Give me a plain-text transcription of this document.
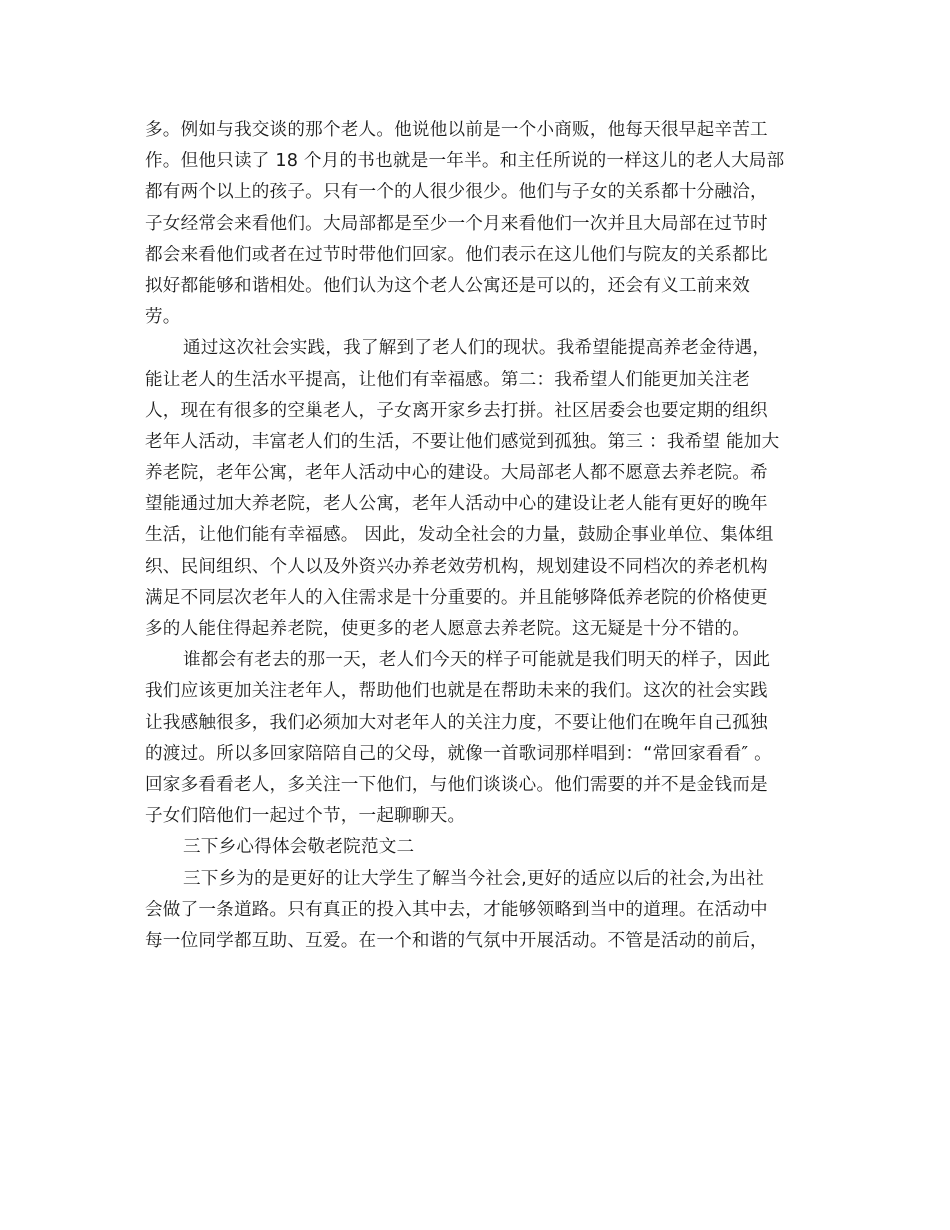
多。例如与我交谈的那个老人。他说他以前是一个小商贩，他每天很早起辛苦工
作。但他只读了 18 个月的书也就是一年半。和主任所说的一样这儿的老人大局部
都有两个以上的孩子。只有一个的人很少很少。他们与子女的关系都十分融洽，
子女经常会来看他们。大局部都是至少一个月来看他们一次并且大局部在过节时
都会来看他们或者在过节时带他们回家。他们表示在这儿他们与院友的关系都比
拟好都能够和谐相处。他们认为这个老人公寓还是可以的，还会有义工前来效
劳。
通过这次社会实践，我了解到了老人们的现状。我希望能提高养老金待遇，
能让老人的生活水平提高，让他们有幸福感。第二：我希望人们能更加关注老
人，现在有很多的空巢老人，子女离开家乡去打拼。社区居委会也要定期的组织
老年人活动，丰富老人们的生活，不要让他们感觉到孤独。第三 ：我希望 能加大
养老院，老年公寓，老年人活动中心的建设。大局部老人都不愿意去养老院。希
望能通过加大养老院，老人公寓，老年人活动中心的建设让老人能有更好的晚年
生活，让他们能有幸福感。 因此，发动全社会的力量，鼓励企事业单位、集体组
织、民间组织、个人以及外资兴办养老效劳机构，规划建设不同档次的养老机构
满足不同层次老年人的入住需求是十分重要的。并且能够降低养老院的价格使更
多的人能住得起养老院，使更多的老人愿意去养老院。这无疑是十分不错的。
谁都会有老去的那一天，老人们今天的样子可能就是我们明天的样子，因此
我们应该更加关注老年人，帮助他们也就是在帮助未来的我们。这次的社会实践
让我感触很多，我们必须加大对老年人的关注力度，不要让他们在晚年自己孤独
的渡过。所以多回家陪陪自己的父母，就像一首歌词那样唱到：“常回家看看″ 。
回家多看看老人，多关注一下他们，与他们谈谈心。他们需要的并不是金钱而是
子女们陪他们一起过个节，一起聊聊天。
三下乡心得体会敬老院范文二
三下乡为的是更好的让大学生了解当今社会,更好的适应以后的社会,为出社
会做了一条道路。只有真正的投入其中去，才能够领略到当中的道理。在活动中
每一位同学都互助、互爱。在一个和谐的气氛中开展活动。不管是活动的前后，
